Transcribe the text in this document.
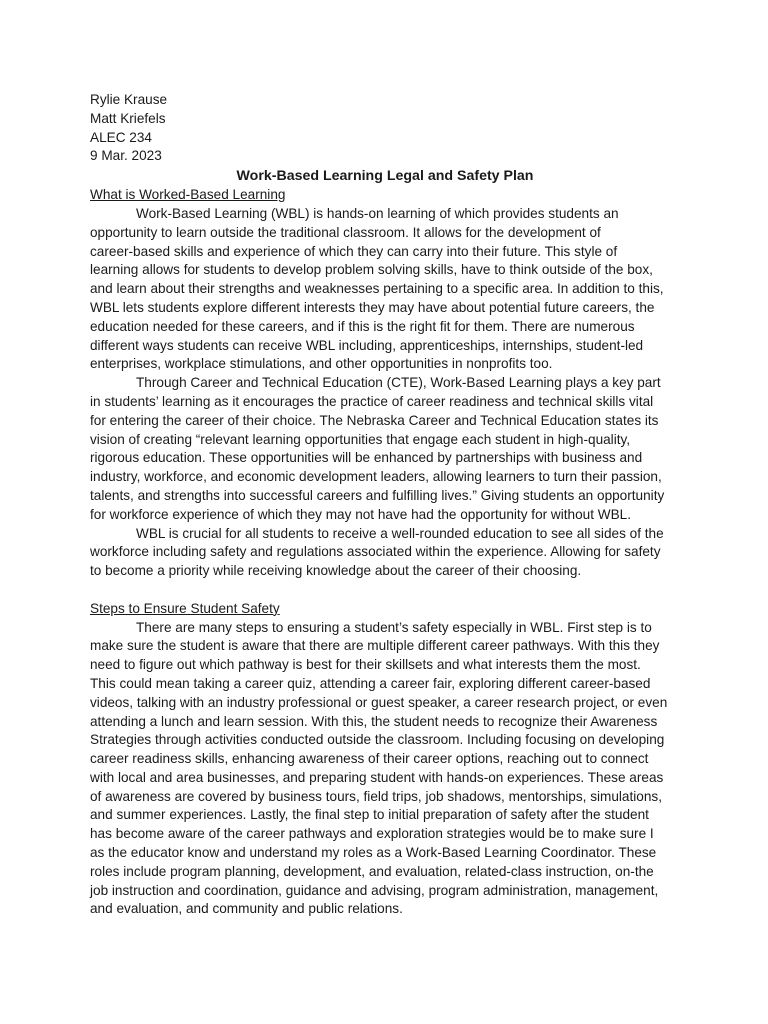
Rylie Krause
Matt Kriefels
ALEC 234
9 Mar. 2023
Work-Based Learning Legal and Safety Plan
What is Worked-Based Learning

Work-Based Learning (WBL) is hands-on learning of which provides students an
opportunity to learn outside the traditional classroom. It allows for the development of
career-based skills and experience of which they can carry into their future. This style of
learning allows for students to develop problem solving skills, have to think outside of the box,
and learn about their strengths and weaknesses pertaining to a specific area. In addition to this,
WBL lets students explore different interests they may have about potential future careers, the
education needed for these careers, and if this is the right fit for them. There are numerous
different ways students can receive WBL including, apprenticeships, internships, student-led
enterprises, workplace stimulations, and other opportunities in nonprofits too.

Through Career and Technical Education (CTE), Work-Based Learning plays a key part
in students’ learning as it encourages the practice of career readiness and technical skills vital
for entering the career of their choice. The Nebraska Career and Technical Education states its
vision of creating “relevant learning opportunities that engage each student in high-quality,
rigorous education. These opportunities will be enhanced by partnerships with business and
industry, workforce, and economic development leaders, allowing learners to turn their passion,
talents, and strengths into successful careers and fulfilling lives.” Giving students an opportunity
for workforce experience of which they may not have had the opportunity for without WBL.

WBL is crucial for all students to receive a well-rounded education to see all sides of the
workforce including safety and regulations associated within the experience. Allowing for safety
to become a priority while receiving knowledge about the career of their choosing.

Steps to Ensure Student Safety

There are many steps to ensuring a student’s safety especially in WBL. First step is to
make sure the student is aware that there are multiple different career pathways. With this they
need to figure out which pathway is best for their skillsets and what interests them the most.
This could mean taking a career quiz, attending a career fair, exploring different career-based
videos, talking with an industry professional or guest speaker, a career research project, or even
attending a lunch and learn session. With this, the student needs to recognize their Awareness
Strategies through activities conducted outside the classroom. Including focusing on developing
career readiness skills, enhancing awareness of their career options, reaching out to connect
with local and area businesses, and preparing student with hands-on experiences. These areas
of awareness are covered by business tours, field trips, job shadows, mentorships, simulations,
and summer experiences. Lastly, the final step to initial preparation of safety after the student
has become aware of the career pathways and exploration strategies would be to make sure I
as the educator know and understand my roles as a Work-Based Learning Coordinator. These
roles include program planning, development, and evaluation, related-class instruction, on-the
job instruction and coordination, guidance and advising, program administration, management,
and evaluation, and community and public relations.
